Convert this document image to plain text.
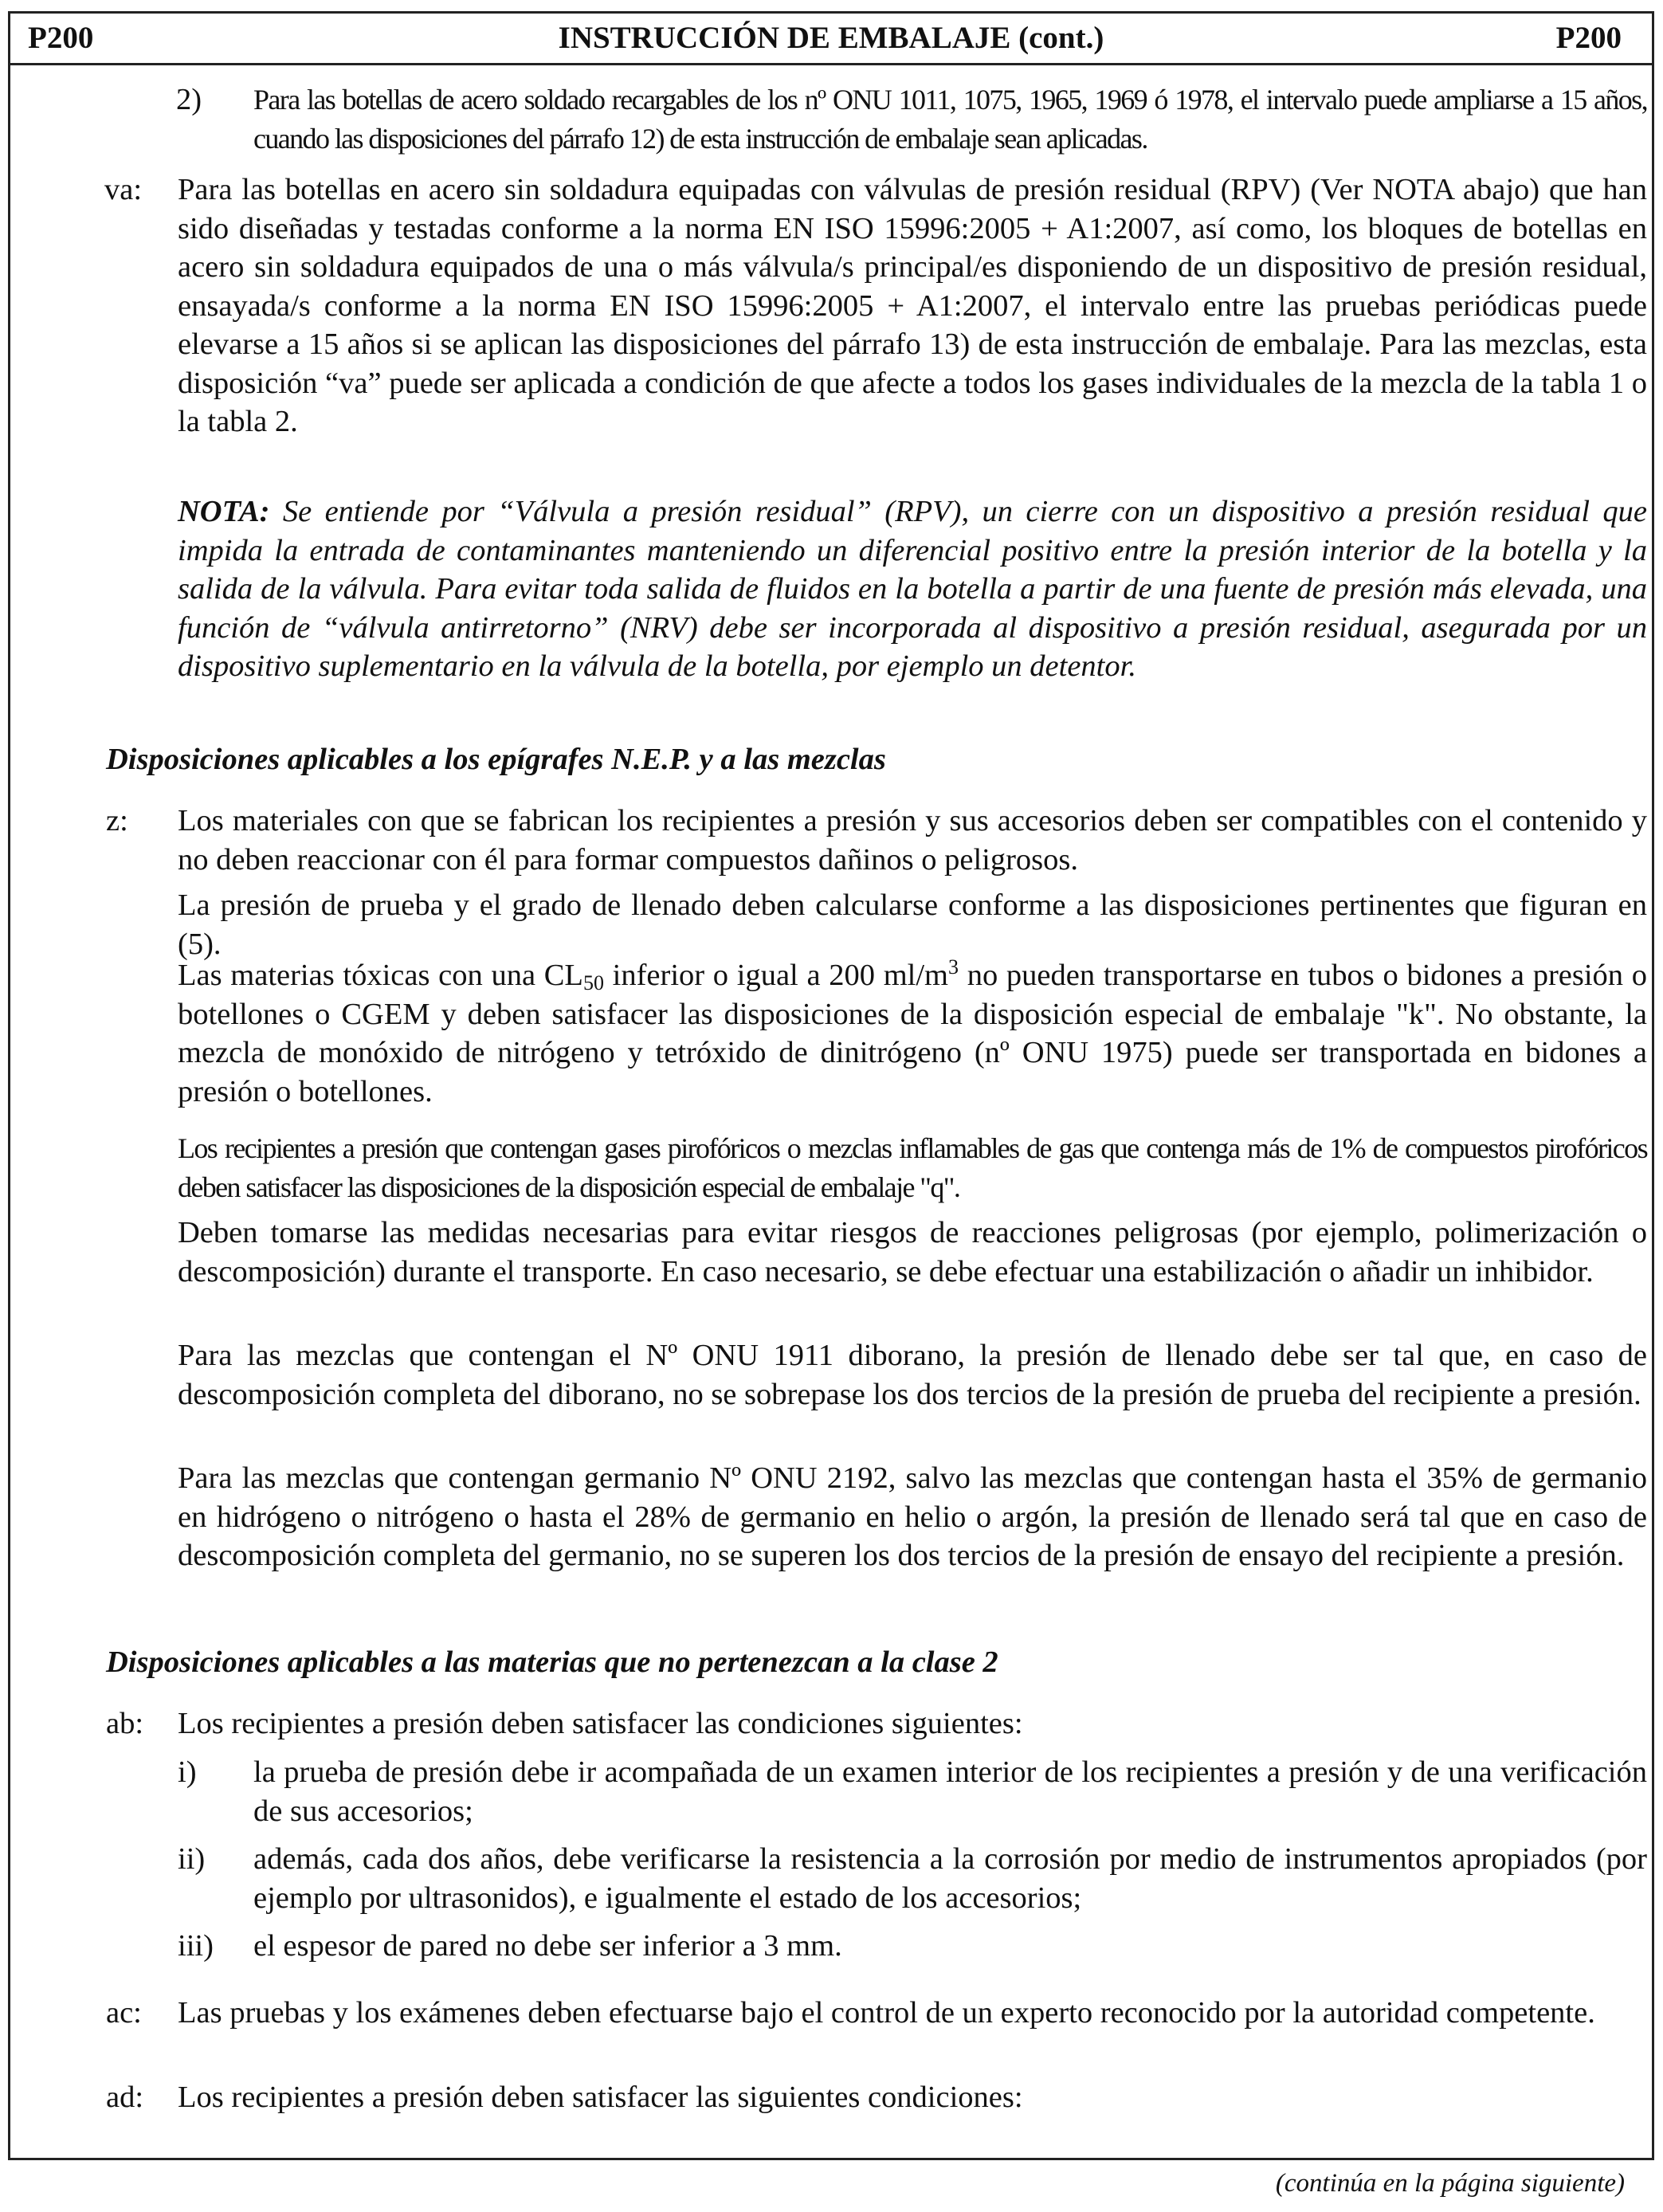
P200	INSTRUCCIÓN DE EMBALAJE (cont.)	P200
2) Para las botellas de acero soldado recargables de los nº ONU 1011, 1075, 1965, 1969 ó 1978, el intervalo puede ampliarse a 15 años, cuando las disposiciones del párrafo 12) de esta instrucción de embalaje sean aplicadas.
va: Para las botellas en acero sin soldadura equipadas con válvulas de presión residual (RPV) (Ver NOTA abajo) que han sido diseñadas y testadas conforme a la norma EN ISO 15996:2005 + A1:2007, así como, los bloques de botellas en acero sin soldadura equipados de una o más válvula/s principal/es disponiendo de un dispositivo de presión residual, ensayada/s conforme a la norma EN ISO 15996:2005 + A1:2007, el intervalo entre las pruebas periódicas puede elevarse a 15 años si se aplican las disposiciones del párrafo 13) de esta instrucción de embalaje. Para las mezclas, esta disposición “va” puede ser aplicada a condición de que afecte a todos los gases individuales de la mezcla de la tabla 1 o la tabla 2.
NOTA: Se entiende por “Válvula a presión residual” (RPV), un cierre con un dispositivo a presión residual que impida la entrada de contaminantes manteniendo un diferencial positivo entre la presión interior de la botella y la salida de la válvula. Para evitar toda salida de fluidos en la botella a partir de una fuente de presión más elevada, una función de “válvula antirretorno” (NRV) debe ser incorporada al dispositivo a presión residual, asegurada por un dispositivo suplementario en la válvula de la botella, por ejemplo un detentor.
Disposiciones aplicables a los epígrafes N.E.P. y a las mezclas
z: Los materiales con que se fabrican los recipientes a presión y sus accesorios deben ser compatibles con el contenido y no deben reaccionar con él para formar compuestos dañinos o peligrosos.
La presión de prueba y el grado de llenado deben calcularse conforme a las disposiciones pertinentes que figuran en (5).
Las materias tóxicas con una $CL_{50}$ inferior o igual a 200 $ml/m^3$ no pueden transportarse en tubos o bidones a presión o botellones o CGEM y deben satisfacer las disposiciones de la disposición especial de embalaje "k". No obstante, la mezcla de monóxido de nitrógeno y tetróxido de dinitrógeno (nº ONU 1975) puede ser transportada en bidones a presión o botellones.
Los recipientes a presión que contengan gases pirofóricos o mezclas inflamables de gas que contenga más de 1% de compuestos pirofóricos deben satisfacer las disposiciones de la disposición especial de embalaje "q".
Deben tomarse las medidas necesarias para evitar riesgos de reacciones peligrosas (por ejemplo, polimerización o descomposición) durante el transporte. En caso necesario, se debe efectuar una estabilización o añadir un inhibidor.
Para las mezclas que contengan el Nº ONU 1911 diborano, la presión de llenado debe ser tal que, en caso de descomposición completa del diborano, no se sobrepase los dos tercios de la presión de prueba del recipiente a presión.
Para las mezclas que contengan germanio Nº ONU 2192, salvo las mezclas que contengan hasta el 35% de germanio en hidrógeno o nitrógeno o hasta el 28% de germanio en helio o argón, la presión de llenado será tal que en caso de descomposición completa del germanio, no se superen los dos tercios de la presión de ensayo del recipiente a presión.
Disposiciones aplicables a las materias que no pertenezcan a la clase 2
ab: Los recipientes a presión deben satisfacer las condiciones siguientes:
i) la prueba de presión debe ir acompañada de un examen interior de los recipientes a presión y de una verificación de sus accesorios;
ii) además, cada dos años, debe verificarse la resistencia a la corrosión por medio de instrumentos apropiados (por ejemplo por ultrasonidos), e igualmente el estado de los accesorios;
iii) el espesor de pared no debe ser inferior a 3 mm.
ac: Las pruebas y los exámenes deben efectuarse bajo el control de un experto reconocido por la autoridad competente.
ad: Los recipientes a presión deben satisfacer las siguientes condiciones:
(continúa en la página siguiente)
